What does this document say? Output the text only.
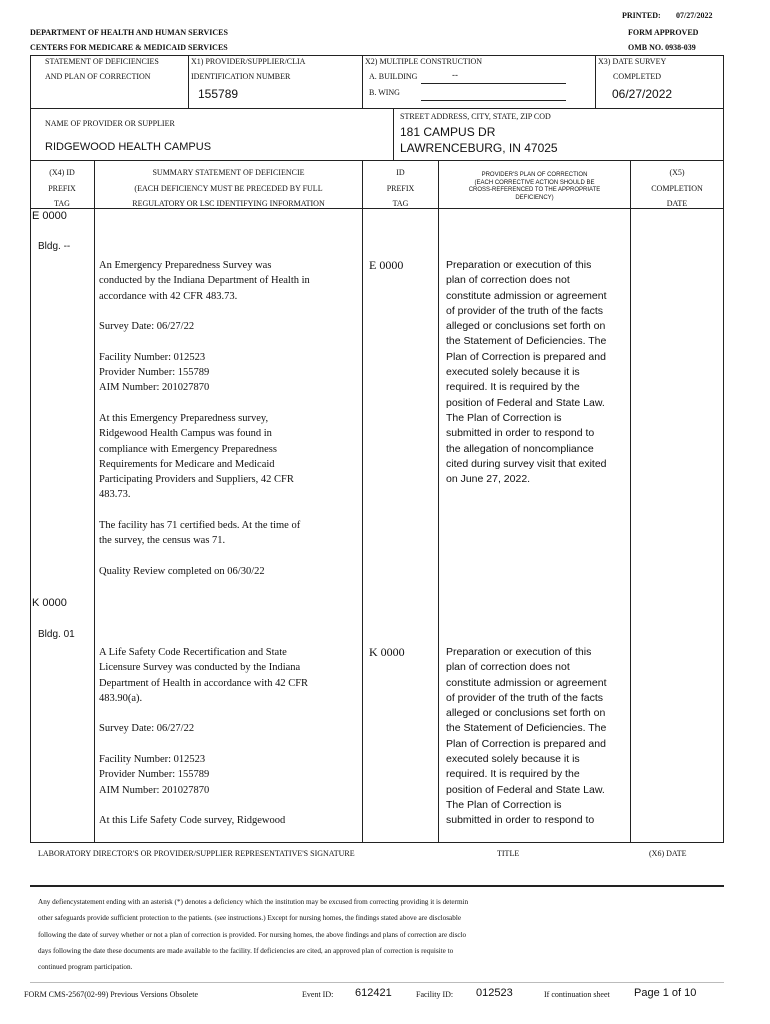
PRINTED: 07/27/2022
DEPARTMENT OF HEALTH AND HUMAN SERVICES	FORM APPROVED
CENTERS FOR MEDICARE & MEDICAID SERVICES	OMB NO. 0938-039
STATEMENT OF DEFICIENCIES
AND PLAN OF CORRECTION
X1) PROVIDER/SUPPLIER/CLIA
IDENTIFICATION NUMBER
155789
X2) MULTIPLE CONSTRUCTION
A. BUILDING	--
B. WING
X3) DATE SURVEY
COMPLETED
06/27/2022
NAME OF PROVIDER OR SUPPLIER
RIDGEWOOD HEALTH CAMPUS
STREET ADDRESS, CITY, STATE, ZIP COD
181 CAMPUS DR
LAWRENCEBURG, IN 47025
(X4) ID
PREFIX
TAG
SUMMARY STATEMENT OF DEFICIENCIE
(EACH DEFICIENCY MUST BE PRECEDED BY FULL
REGULATORY OR LSC IDENTIFYING INFORMATION
ID
PREFIX
TAG
PROVIDER'S PLAN OF CORRECTION
(EACH CORRECTIVE ACTION SHOULD BE
CROSS-REFERENCED TO THE APPROPRIATE
DEFICIENCY)
(X5)
COMPLETION
DATE
E 0000
Bldg. --
An Emergency Preparedness Survey was
conducted by the Indiana Department of Health in
accordance with 42 CFR 483.73.

Survey Date: 06/27/22

Facility Number: 012523
Provider Number: 155789
AIM Number: 201027870

At this Emergency Preparedness survey,
Ridgewood Health Campus was found in
compliance with Emergency Preparedness
Requirements for Medicare and Medicaid
Participating Providers and Suppliers, 42 CFR
483.73.

The facility has 71 certified beds. At the time of
the survey, the census was 71.

Quality Review completed on 06/30/22
E 0000	Preparation or execution of this
plan of correction does not
constitute admission or agreement
of provider of the truth of the facts
alleged or conclusions set forth on
the Statement of Deficiencies. The
Plan of Correction is prepared and
executed solely because it is
required. It is required by the
position of Federal and State Law.
The Plan of Correction is
submitted in order to respond to
the allegation of noncompliance
cited during survey visit that exited
on June 27, 2022.
K 0000
Bldg. 01
A Life Safety Code Recertification and State
Licensure Survey was conducted by the Indiana
Department of Health in accordance with 42 CFR
483.90(a).

Survey Date: 06/27/22

Facility Number: 012523
Provider Number: 155789
AIM Number: 201027870

At this Life Safety Code survey, Ridgewood
K 0000	Preparation or execution of this
plan of correction does not
constitute admission or agreement
of provider of the truth of the facts
alleged or conclusions set forth on
the Statement of Deficiencies. The
Plan of Correction is prepared and
executed solely because it is
required. It is required by the
position of Federal and State Law.
The Plan of Correction is
submitted in order to respond to
LABORATORY DIRECTOR'S OR PROVIDER/SUPPLIER REPRESENTATIVE'S SIGNATURE	TITLE	(X6) DATE
Any defiencystatement ending with an asterisk (*) denotes a deficiency which the institution may be excused from correcting providing it is determin
other safeguards provide sufficient protection to the patients. (see instructions.) Except for nursing homes, the findings stated above are disclosable
following the date of survey whether or not a plan of correction is provided. For nursing homes, the above findings and plans of correction are disclo
days following the date these documents are made available to the facility. If deficiencies are cited, an approved plan of correction is requisite to
continued program participation.
FORM CMS-2567(02-99) Previous Versions Obsolete	Event ID: 612421	Facility ID: 012523	If continuation sheet Page 1 of 10
